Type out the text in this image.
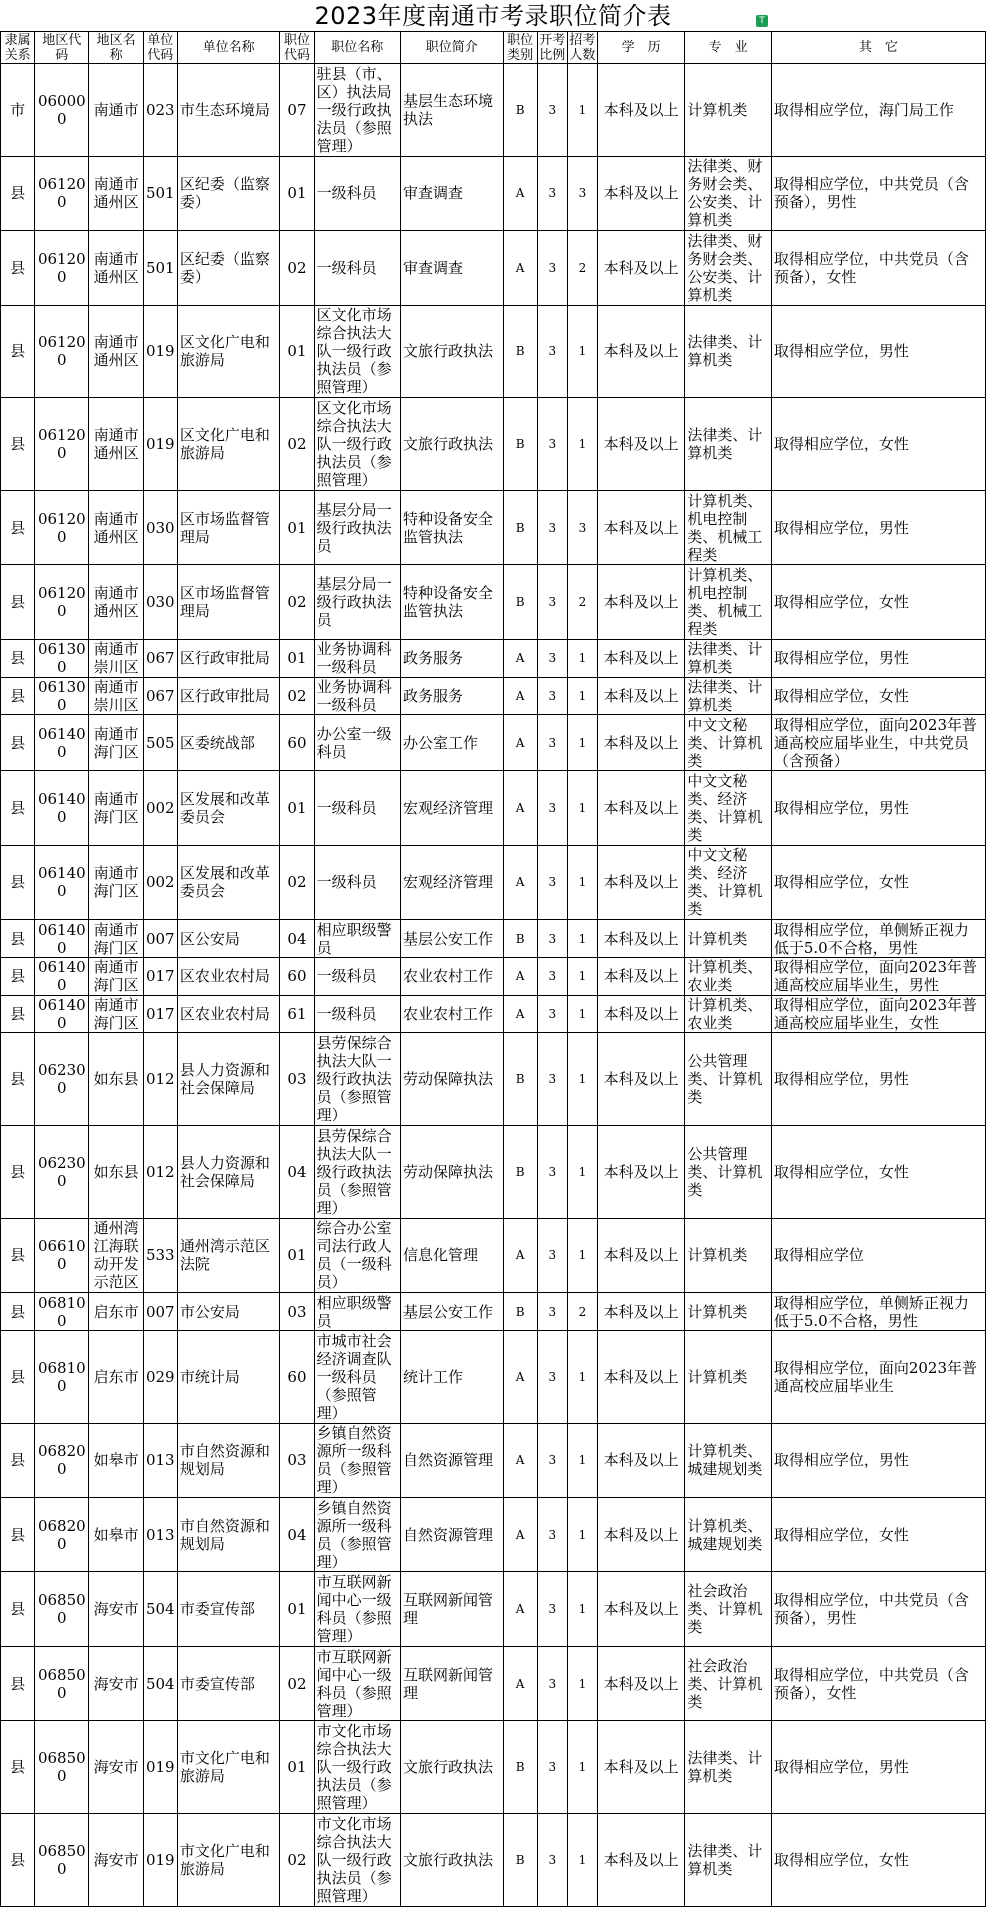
2023年度南通市考录职位简介表	T
隶属关系	地区代码	地区名称	单位代码	单位名称	职位代码	职位名称	职位简介	职位类别	开考比例	招考人数	学　历	专　业	其　它
市	060000	南通市	023	市生态环境局	07	驻县（市、区）执法局一级行政执法员（参照管理）	基层生态环境执法	B	3	1	本科及以上	计算机类	取得相应学位，海门局工作
县	061200	南通市通州区	501	区纪委（监察委）	01	一级科员	审查调查	A	3	3	本科及以上	法律类、财务财会类、公安类、计算机类	取得相应学位，中共党员（含预备），男性
县	061200	南通市通州区	501	区纪委（监察委）	02	一级科员	审查调查	A	3	2	本科及以上	法律类、财务财会类、公安类、计算机类	取得相应学位，中共党员（含预备），女性
县	061200	南通市通州区	019	区文化广电和旅游局	01	区文化市场综合执法大队一级行政执法员（参照管理）	文旅行政执法	B	3	1	本科及以上	法律类、计算机类	取得相应学位，男性
县	061200	南通市通州区	019	区文化广电和旅游局	02	区文化市场综合执法大队一级行政执法员（参照管理）	文旅行政执法	B	3	1	本科及以上	法律类、计算机类	取得相应学位，女性
县	061200	南通市通州区	030	区市场监督管理局	01	基层分局一级行政执法员	特种设备安全监管执法	B	3	3	本科及以上	计算机类、机电控制类、机械工程类	取得相应学位，男性
县	061200	南通市通州区	030	区市场监督管理局	02	基层分局一级行政执法员	特种设备安全监管执法	B	3	2	本科及以上	计算机类、机电控制类、机械工程类	取得相应学位，女性
县	061300	南通市崇川区	067	区行政审批局	01	业务协调科一级科员	政务服务	A	3	1	本科及以上	法律类、计算机类	取得相应学位，男性
县	061300	南通市崇川区	067	区行政审批局	02	业务协调科一级科员	政务服务	A	3	1	本科及以上	法律类、计算机类	取得相应学位，女性
县	061400	南通市海门区	505	区委统战部	60	办公室一级科员	办公室工作	A	3	1	本科及以上	中文文秘类、计算机类	取得相应学位，面向2023年普通高校应届毕业生，中共党员（含预备）
县	061400	南通市海门区	002	区发展和改革委员会	01	一级科员	宏观经济管理	A	3	1	本科及以上	中文文秘类、经济类、计算机类	取得相应学位，男性
县	061400	南通市海门区	002	区发展和改革委员会	02	一级科员	宏观经济管理	A	3	1	本科及以上	中文文秘类、经济类、计算机类	取得相应学位，女性
县	061400	南通市海门区	007	区公安局	04	相应职级警员	基层公安工作	B	3	1	本科及以上	计算机类	取得相应学位，单侧矫正视力低于5.0不合格，男性
县	061400	南通市海门区	017	区农业农村局	60	一级科员	农业农村工作	A	3	1	本科及以上	计算机类、农业类	取得相应学位，面向2023年普通高校应届毕业生，男性
县	061400	南通市海门区	017	区农业农村局	61	一级科员	农业农村工作	A	3	1	本科及以上	计算机类、农业类	取得相应学位，面向2023年普通高校应届毕业生，女性
县	062300	如东县	012	县人力资源和社会保障局	03	县劳保综合执法大队一级行政执法员（参照管理）	劳动保障执法	B	3	1	本科及以上	公共管理类、计算机类	取得相应学位，男性
县	062300	如东县	012	县人力资源和社会保障局	04	县劳保综合执法大队一级行政执法员（参照管理）	劳动保障执法	B	3	1	本科及以上	公共管理类、计算机类	取得相应学位，女性
县	066100	通州湾江海联动开发示范区	533	通州湾示范区法院	01	综合办公室司法行政人员（一级科员）	信息化管理	A	3	1	本科及以上	计算机类	取得相应学位
县	068100	启东市	007	市公安局	03	相应职级警员	基层公安工作	B	3	2	本科及以上	计算机类	取得相应学位，单侧矫正视力低于5.0不合格，男性
县	068100	启东市	029	市统计局	60	市城市社会经济调查队一级科员（参照管理）	统计工作	A	3	1	本科及以上	计算机类	取得相应学位，面向2023年普通高校应届毕业生
县	068200	如皋市	013	市自然资源和规划局	03	乡镇自然资源所一级科员（参照管理）	自然资源管理	A	3	1	本科及以上	计算机类、城建规划类	取得相应学位，男性
县	068200	如皋市	013	市自然资源和规划局	04	乡镇自然资源所一级科员（参照管理）	自然资源管理	A	3	1	本科及以上	计算机类、城建规划类	取得相应学位，女性
县	068500	海安市	504	市委宣传部	01	市互联网新闻中心一级科员（参照管理）	互联网新闻管理	A	3	1	本科及以上	社会政治类、计算机类	取得相应学位，中共党员（含预备），男性
县	068500	海安市	504	市委宣传部	02	市互联网新闻中心一级科员（参照管理）	互联网新闻管理	A	3	1	本科及以上	社会政治类、计算机类	取得相应学位，中共党员（含预备），女性
县	068500	海安市	019	市文化广电和旅游局	01	市文化市场综合执法大队一级行政执法员（参照管理）	文旅行政执法	B	3	1	本科及以上	法律类、计算机类	取得相应学位，男性
县	068500	海安市	019	市文化广电和旅游局	02	市文化市场综合执法大队一级行政执法员（参照管理）	文旅行政执法	B	3	1	本科及以上	法律类、计算机类	取得相应学位，女性
